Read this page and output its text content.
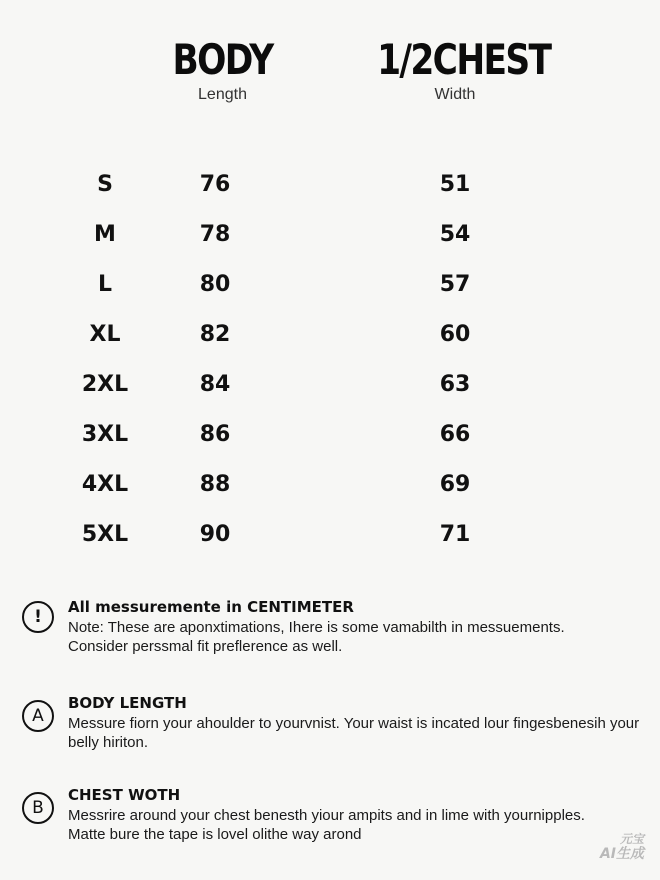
BODY
Length
1/2CHEST
Width
S	76	51
M	78	54
L	80	57
XL	82	60
2XL	84	63
3XL	86	66
4XL	88	69
5XL	90	71
!	All messuremente in CENTIMETER
Note: These are aponxtimations, Ihere is some vamabilth in messuements.
Consider perssmal fit preflerence as well.
A
BODY LENGTH
Messure fiorn your ahoulder to yourvnist. Your waist is incated lour fingesbenesih your
belly hiriton.
B
CHEST WOTH
Messrire around your chest benesth yiour ampits and in lime with yournipples.
Matte bure the tape is lovel olithe way arond	元宝
AI生成
